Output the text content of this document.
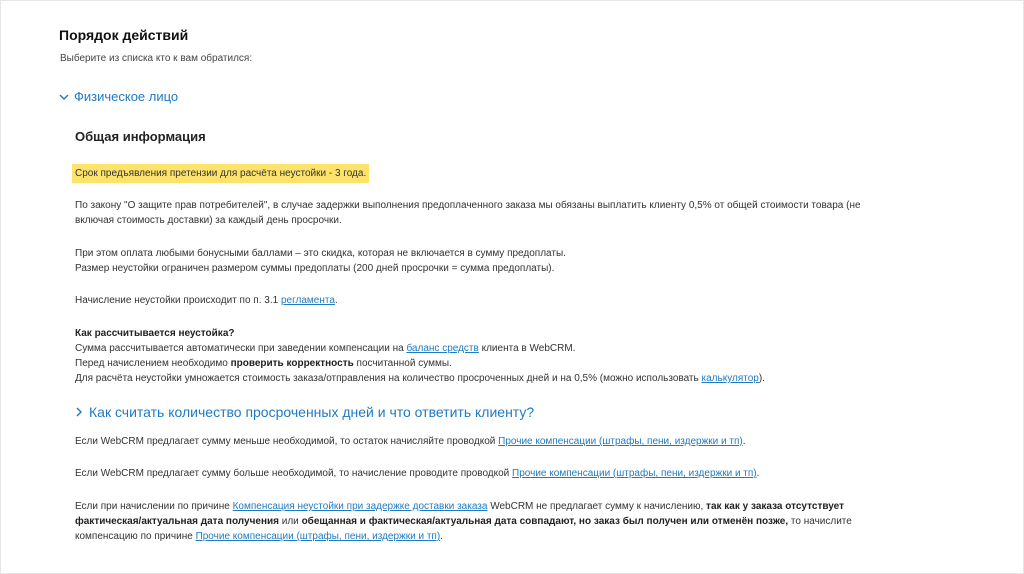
Порядок действий
Выберите из списка кто к вам обратился:
Физическое лицо
Общая информация
Срок предъявления претензии для расчёта неустойки - 3 года.

По закону "О защите прав потребителей", в случае задержки выполнения предоплаченного заказа мы обязаны выплатить клиенту 0,5% от общей стоимости товара (не

включая стоимость доставки) за каждый день просрочки.

При этом оплата любыми бонусными баллами – это скидка, которая не включается в сумму предоплаты.

Размер неустойки ограничен размером суммы предоплаты (200 дней просрочки = сумма предоплаты).

Начисление неустойки происходит по п. 3.1 регламента.

Как рассчитывается неустойка?

Сумма рассчитывается автоматически при заведении компенсации на баланс средств клиента в WebCRM.

Перед начислением необходимо проверить корректность посчитанной суммы.

Для расчёта неустойки умножается стоимость заказа/отправления на количество просроченных дней и на 0,5% (можно использовать калькулятор).

Как считать количество просроченных дней и что ответить клиенту?

Если WebCRM предлагает сумму меньше необходимой, то остаток начисляйте проводкой Прочие компенсации (штрафы, пени, издержки и тп).

Если WebCRM предлагает сумму больше необходимой, то начисление проводите проводкой Прочие компенсации (штрафы, пени, издержки и тп).

Если при начислении по причине Компенсация неустойки при задержке доставки заказа WebCRM не предлагает сумму к начислению, так как у заказа отсутствует

фактическая/актуальная дата получения или обещанная и фактическая/актуальная дата совпадают, но заказ был получен или отменён позже, то начислите

компенсацию по причине Прочие компенсации (штрафы, пени, издержки и тп).
